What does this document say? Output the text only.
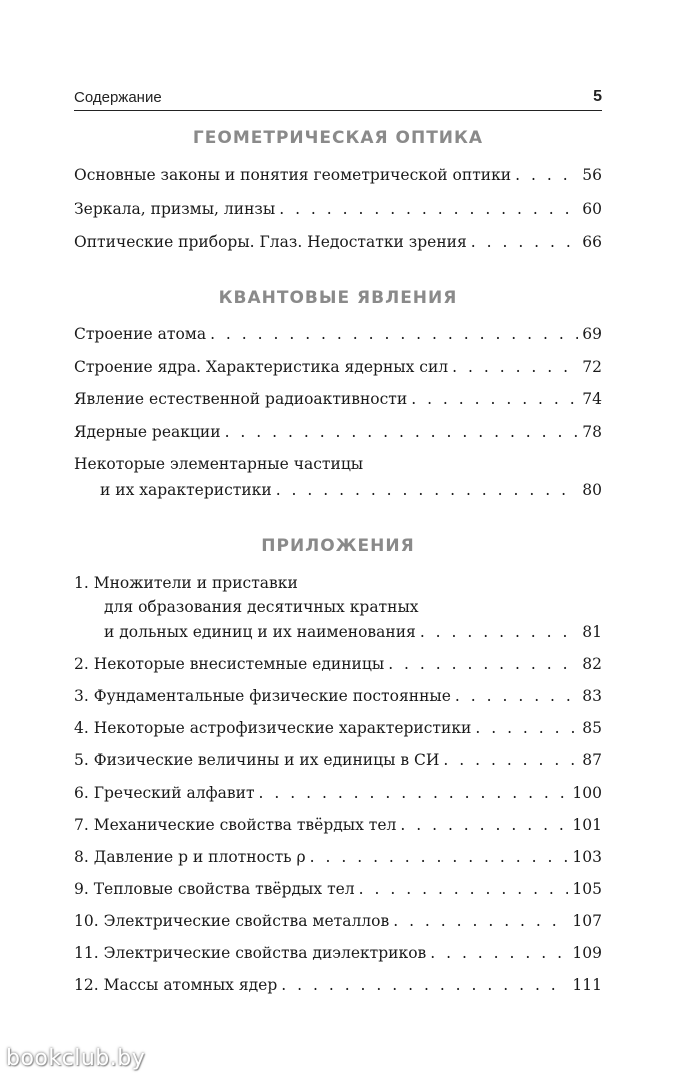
Содержание	5
ГЕОМЕТРИЧЕСКАЯ ОПТИКА
Основные законы и понятия геометрической оптики . . .	56
Зеркала, призмы, линзы . . .	60
Оптические приборы. Глаз. Недостатки зрения . . .	66
КВАНТОВЫЕ ЯВЛЕНИЯ
Строение атома . . .	69
Строение ядра. Характеристика ядерных сил . . .	72
Явление естественной радиоактивности . . .	74
Ядерные реакции . . .	78
Некоторые элементарные частицы
и их характеристики . . .	80
ПРИЛОЖЕНИЯ
1. Множители и приставки
для образования десятичных кратных
и дольных единиц и их наименования . . .	81
2. Некоторые внесистемные единицы . . .	82
3. Фундаментальные физические постоянные . . .	83
4. Некоторые астрофизические характеристики . . .	85
5. Физические величины и их единицы в СИ . . .	87
6. Греческий алфавит . . .	100
7. Механические свойства твёрдых тел . . .	101
8. Давление p и плотность ρ . . .	103
9. Тепловые свойства твёрдых тел . . .	105
10. Электрические свойства металлов . . .	107
11. Электрические свойства диэлектриков . . .	109
12. Массы атомных ядер . . .	111
bookclub.by
